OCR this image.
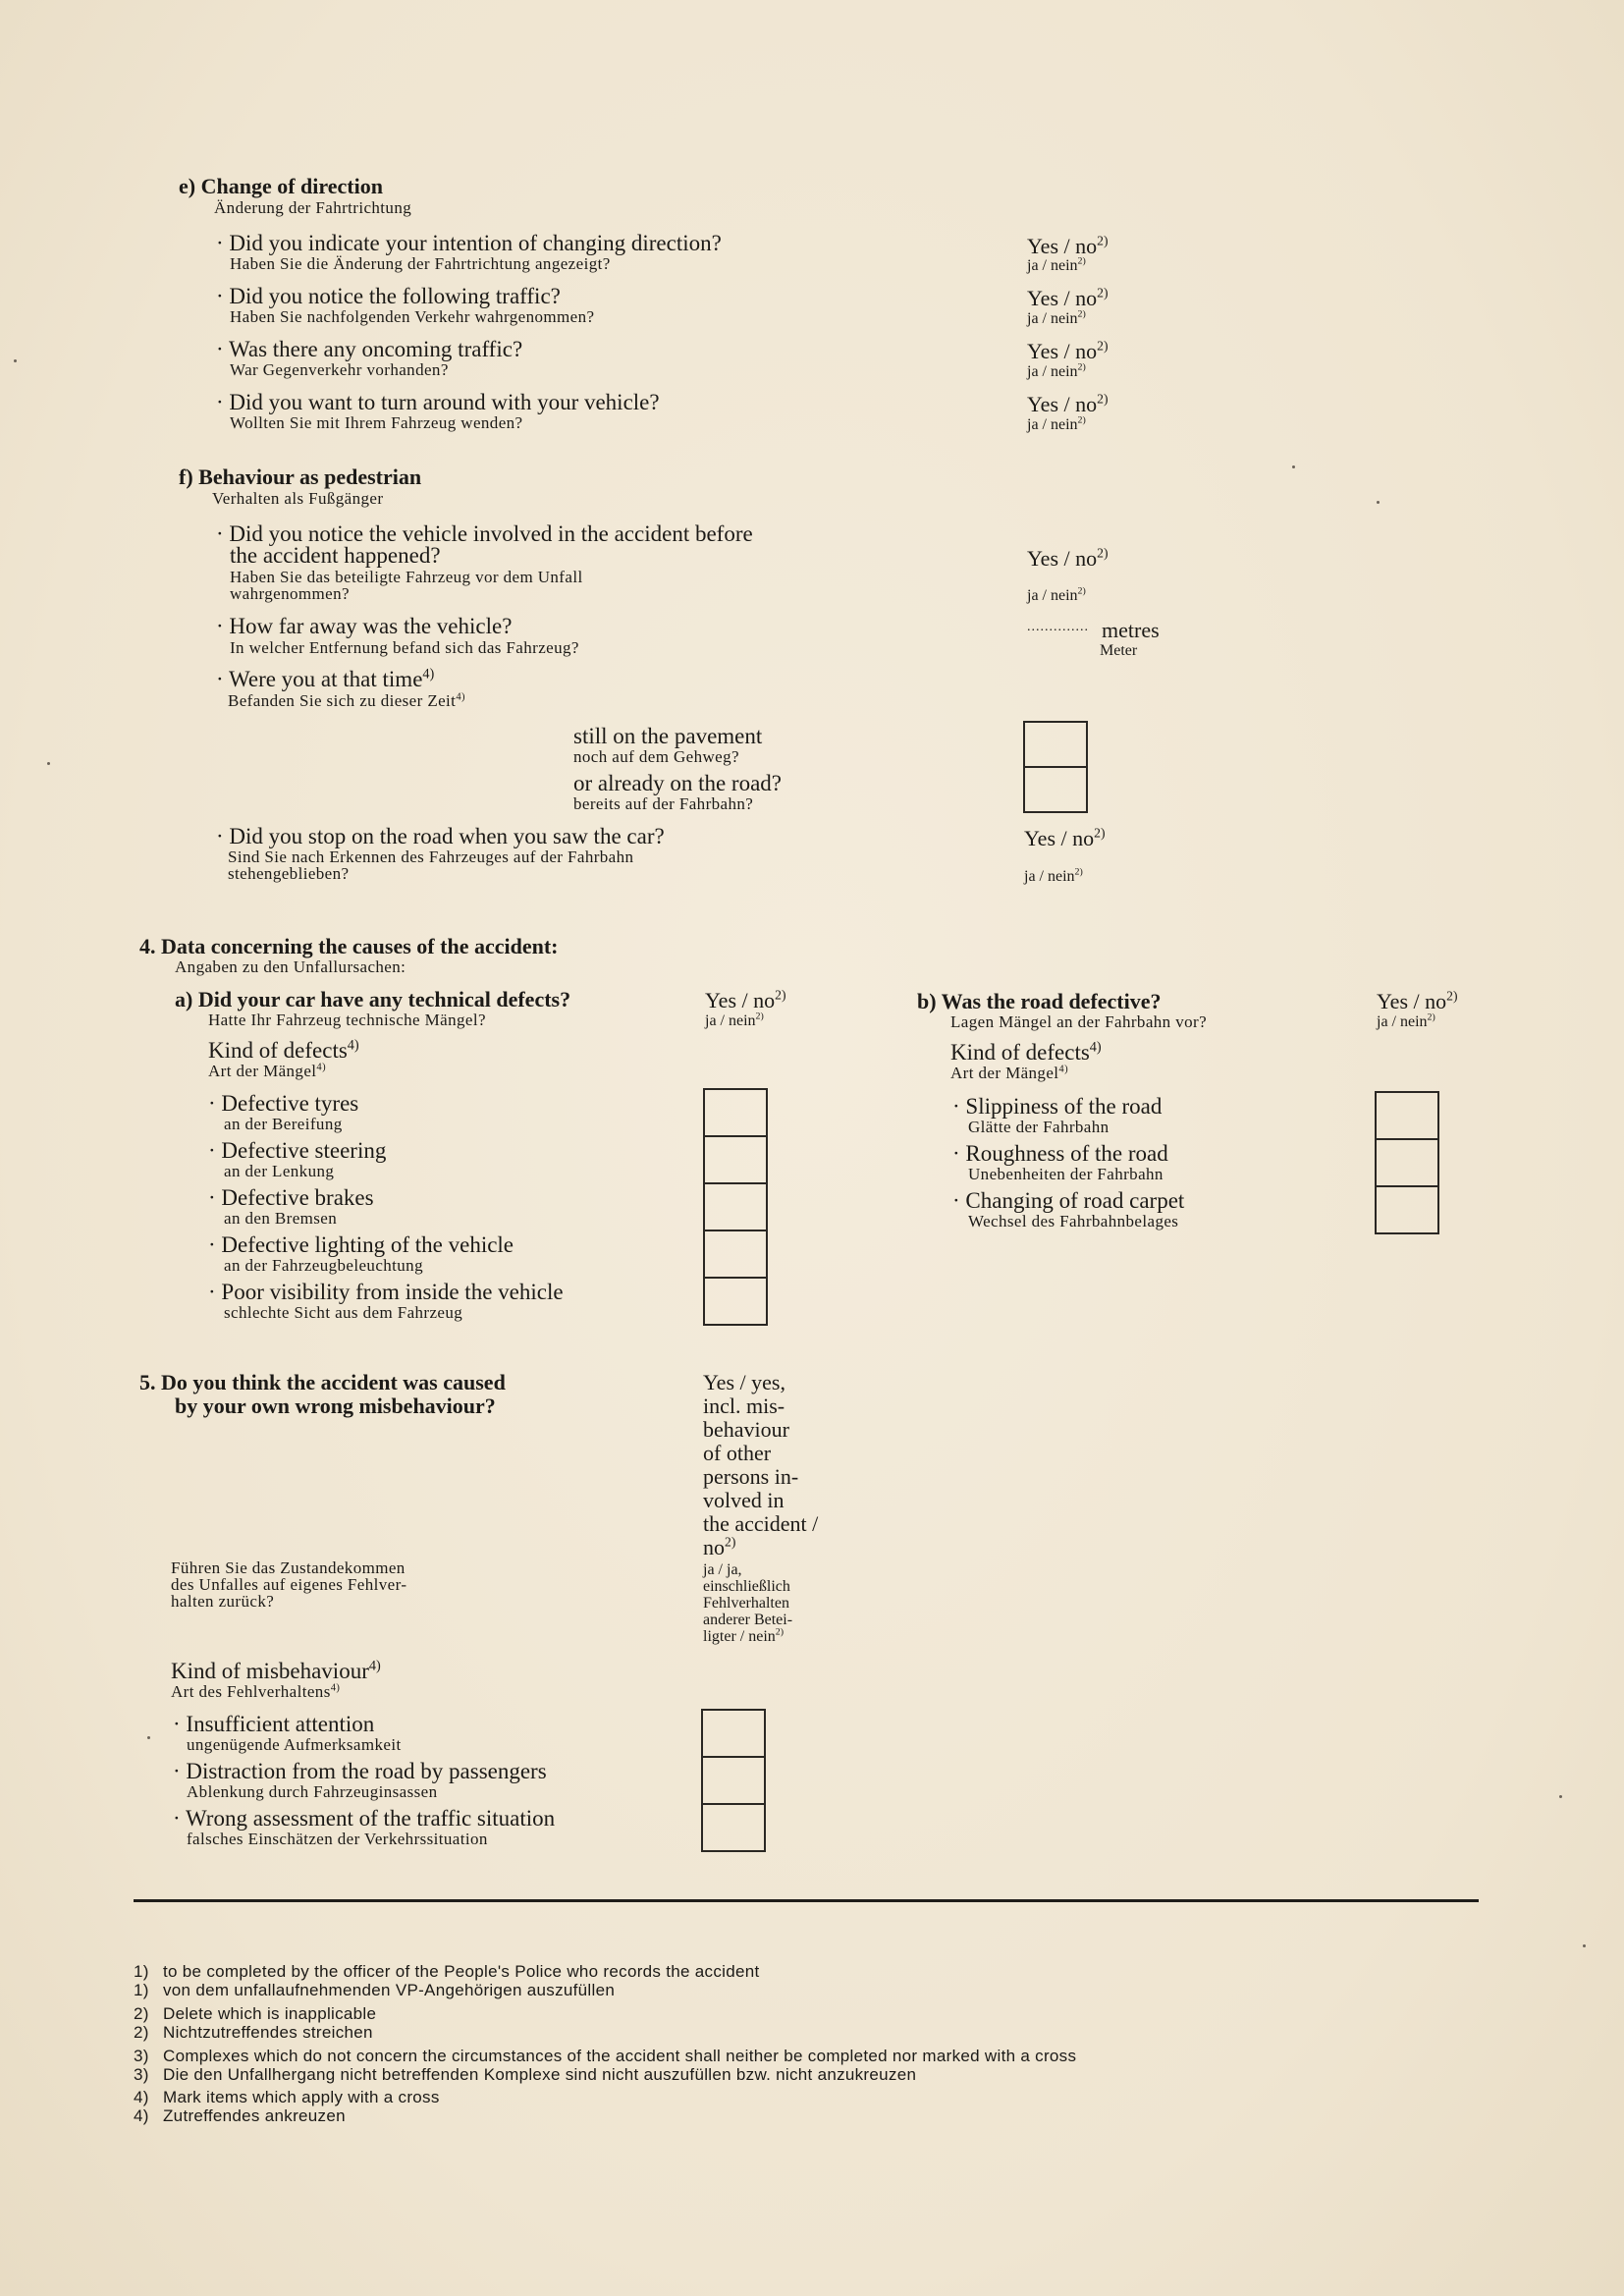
e) Change of direction
Änderung der Fahrtrichtung
· Did you indicate your intention of changing direction?
Haben Sie die Änderung der Fahrtrichtung angezeigt?
Yes / $no^{2)}$
ja / nein$^{2)}$
· Did you notice the following traffic?
Haben Sie nachfolgenden Verkehr wahrgenommen?
Yes / $no^{2)}$
ja / nein$^{2)}$
· Was there any oncoming traffic?
War Gegenverkehr vorhanden?
Yes / $no^{2)}$
ja / nein$^{2)}$
· Did you want to turn around with your vehicle?
Wollten Sie mit Ihrem Fahrzeug wenden?
Yes / $no^{2)}$
ja / nein$^{2)}$
f) Behaviour as pedestrian
Verhalten als Fußgänger
· Did you notice the vehicle involved in the accident before
the accident happened?
Haben Sie das beteiligte Fahrzeug vor dem Unfall
wahrgenommen?
Yes / $no^{2)}$
ja / nein$^{2)}$
· How far away was the vehicle?
In welcher Entfernung befand sich das Fahrzeug?
.............. metres
Meter
· Were you at that time$^{4)}$
Befanden Sie sich zu dieser Zeit$^{4)}$
still on the pavement
noch auf dem Gehweg?
or already on the road?
bereits auf der Fahrbahn?
· Did you stop on the road when you saw the car?
Sind Sie nach Erkennen des Fahrzeuges auf der Fahrbahn
stehengeblieben?
Yes / $no^{2)}$
ja / nein$^{2)}$
4. Data concerning the causes of the accident:
Angaben zu den Unfallursachen:
a) Did your car have any technical defects?
Hatte Ihr Fahrzeug technische Mängel?
Yes / $no^{2)}$
ja / nein$^{2)}$
Kind of defects$^{4)}$
Art der Mängel$^{4)}$
· Defective tyres
an der Bereifung
· Defective steering
an der Lenkung
· Defective brakes
an den Bremsen
· Defective lighting of the vehicle
an der Fahrzeugbeleuchtung
· Poor visibility from inside the vehicle
schlechte Sicht aus dem Fahrzeug
b) Was the road defective?
Lagen Mängel an der Fahrbahn vor?
Yes / $no^{2)}$
ja / nein$^{2)}$
Kind of defects$^{4)}$
Art der Mängel$^{4)}$
· Slippiness of the road
Glätte der Fahrbahn
· Roughness of the road
Unebenheiten der Fahrbahn
· Changing of road carpet
Wechsel des Fahrbahnbelages
5. Do you think the accident was caused
by your own wrong misbehaviour?
Führen Sie das Zustandekommen
des Unfalles auf eigenes Fehlver-
halten zurück?
Yes / yes,
incl. mis-
behaviour
of other
persons in-
volved in
the accident /
$no^{2)}$
ja / ja,
einschließlich
Fehlverhalten
anderer Betei-
ligter / nein$^{2)}$
Kind of misbehaviour$^{4)}$
Art des Fehlverhaltens$^{4)}$
· Insufficient attention
ungenügende Aufmerksamkeit
· Distraction from the road by passengers
Ablenkung durch Fahrzeuginsassen
· Wrong assessment of the traffic situation
falsches Einschätzen der Verkehrssituation
1) to be completed by the officer of the People's Police who records the accident
1) von dem unfallaufnehmenden VP-Angehörigen auszufüllen
2) Delete which is inapplicable
2) Nichtzutreffendes streichen
3) Complexes which do not concern the circumstances of the accident shall neither be completed nor marked with a cross
3) Die den Unfallhergang nicht betreffenden Komplexe sind nicht auszufüllen bzw. nicht anzukreuzen
4) Mark items which apply with a cross
4) Zutreffendes ankreuzen
